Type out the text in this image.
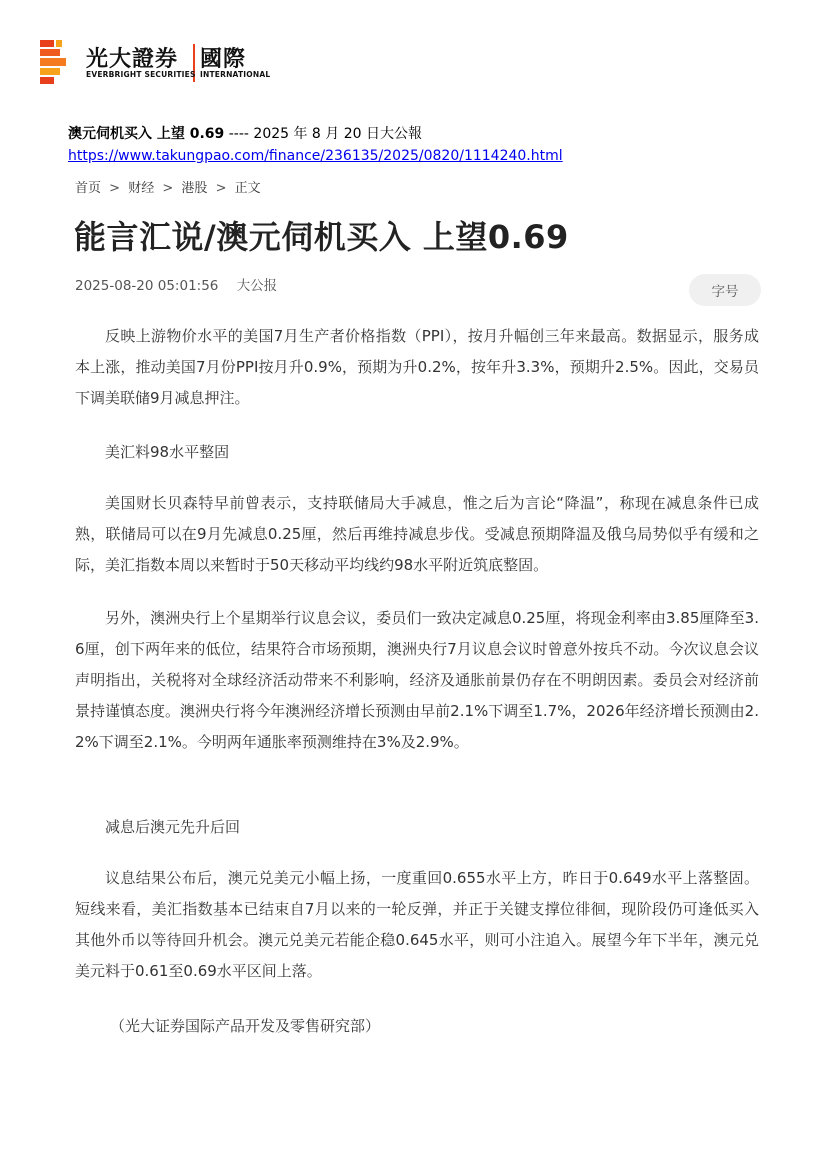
光大證券 國際
EVERBRIGHT SECURITIES INTERNATIONAL
澳元伺机买入 上望 0.69 ---- 2025 年 8 月 20 日大公報
https://www.takungpao.com/finance/236135/2025/0820/1114240.html
首页 > 财经 > 港股 > 正文
能言汇说/澳元伺机买入 上望0.69
2025-08-20 05:01:56 大公报	字号

反映上游物价水平的美国7月生产者价格指数（PPI），按月升幅创三年来最高。数据显示，服务成本上涨，推动美国7月份PPI按月升0.9%，预期为升0.2%，按年升3.3%，预期升2.5%。因此，交易员下调美联储9月减息押注。

美汇料98水平整固

美国财长贝森特早前曾表示，支持联储局大手减息，惟之后为言论“降温”，称现在减息条件已成熟，联储局可以在9月先减息0.25厘，然后再维持减息步伐。受减息预期降温及俄乌局势似乎有缓和之际，美汇指数本周以来暂时于50天移动平均线约98水平附近筑底整固。

另外，澳洲央行上个星期举行议息会议，委员们一致决定减息0.25厘，将现金利率由3.85厘降至3.6厘，创下两年来的低位，结果符合市场预期，澳洲央行7月议息会议时曾意外按兵不动。今次议息会议声明指出，关税将对全球经济活动带来不利影响，经济及通胀前景仍存在不明朗因素。委员会对经济前景持谨慎态度。澳洲央行将今年澳洲经济增长预测由早前2.1%下调至1.7%，2026年经济增长预测由2.2%下调至2.1%。今明两年通胀率预测维持在3%及2.9%。

减息后澳元先升后回

议息结果公布后，澳元兑美元小幅上扬，一度重回0.655水平上方，昨日于0.649水平上落整固。短线来看，美汇指数基本已结束自7月以来的一轮反弹，并正于关键支撑位徘徊，现阶段仍可逢低买入其他外币以等待回升机会。澳元兑美元若能企稳0.645水平，则可小注追入。展望今年下半年，澳元兑美元料于0.61至0.69水平区间上落。

（光大证券国际产品开发及零售研究部）
